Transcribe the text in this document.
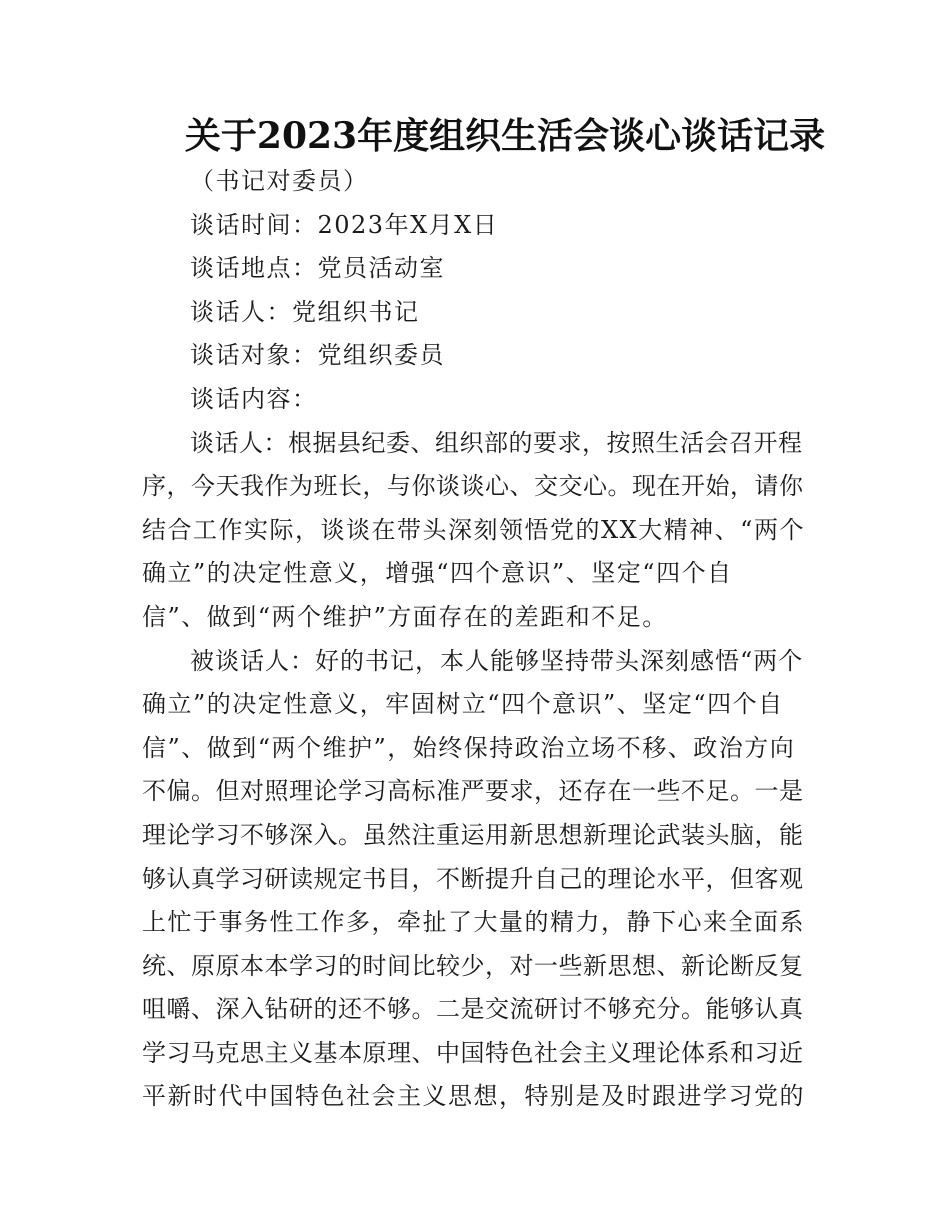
关于2023年度组织生活会谈心谈话记录
（书记对委员）
谈话时间：2023年X月X日
谈话地点：党员活动室
谈话人：党组织书记
谈话对象：党组织委员
谈话内容：
谈话人：根据县纪委、组织部的要求，按照生活会召开程
序，今天我作为班长，与你谈谈心、交交心。现在开始，请你
结合工作实际，谈谈在带头深刻领悟党的XX大精神、“两个
确立”的决定性意义，增强“四个意识”、坚定“四个自
信”、做到“两个维护”方面存在的差距和不足。
被谈话人：好的书记，本人能够坚持带头深刻感悟“两个
确立”的决定性意义，牢固树立“四个意识”、坚定“四个自
信”、做到“两个维护”，始终保持政治立场不移、政治方向
不偏。但对照理论学习高标准严要求，还存在一些不足。一是
理论学习不够深入。虽然注重运用新思想新理论武装头脑，能
够认真学习研读规定书目，不断提升自己的理论水平，但客观
上忙于事务性工作多，牵扯了大量的精力，静下心来全面系
统、原原本本学习的时间比较少，对一些新思想、新论断反复
咀嚼、深入钻研的还不够。二是交流研讨不够充分。能够认真
学习马克思主义基本原理、中国特色社会主义理论体系和习近
平新时代中国特色社会主义思想，特别是及时跟进学习党的
